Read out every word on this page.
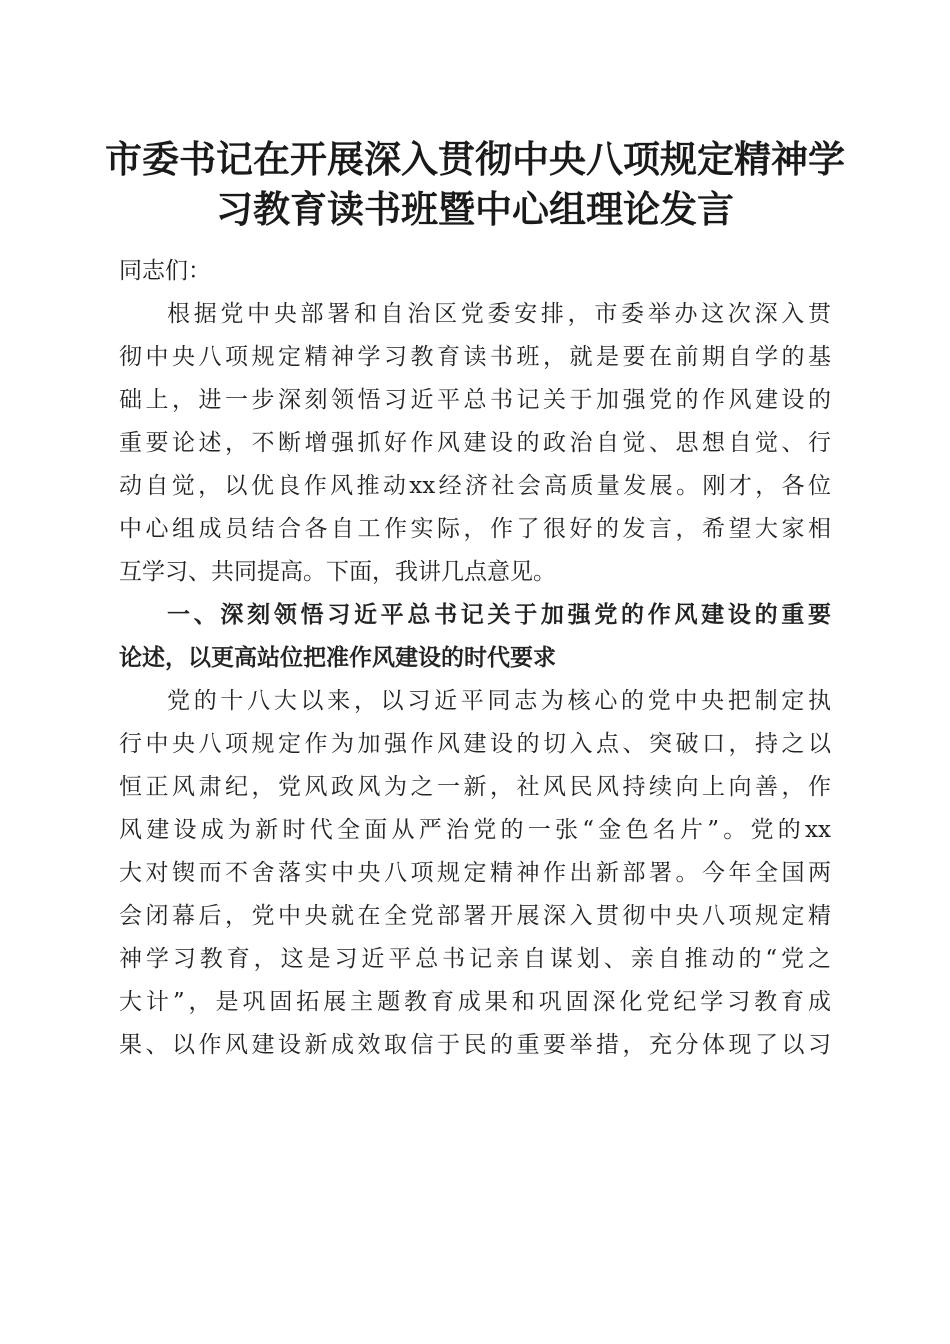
市委书记在开展深入贯彻中央八项规定精神学
习教育读书班暨中心组理论发言
同志们：
根据党中央部署和自治区党委安排，市委举办这次深入贯
彻中央八项规定精神学习教育读书班，就是要在前期自学的基
础上，进一步深刻领悟习近平总书记关于加强党的作风建设的
重要论述，不断增强抓好作风建设的政治自觉、思想自觉、行
动自觉，以优良作风推动xx经济社会高质量发展。刚才，各位
中心组成员结合各自工作实际，作了很好的发言，希望大家相
互学习、共同提高。下面，我讲几点意见。
一、深刻领悟习近平总书记关于加强党的作风建设的重要
论述，以更高站位把准作风建设的时代要求
党的十八大以来，以习近平同志为核心的党中央把制定执
行中央八项规定作为加强作风建设的切入点、突破口，持之以
恒正风肃纪，党风政风为之一新，社风民风持续向上向善，作
风建设成为新时代全面从严治党的一张“金色名片”。党的xx
大对锲而不舍落实中央八项规定精神作出新部署。今年全国两
会闭幕后，党中央就在全党部署开展深入贯彻中央八项规定精
神学习教育，这是习近平总书记亲自谋划、亲自推动的“党之
大计”，是巩固拓展主题教育成果和巩固深化党纪学习教育成
果、以作风建设新成效取信于民的重要举措，充分体现了以习
